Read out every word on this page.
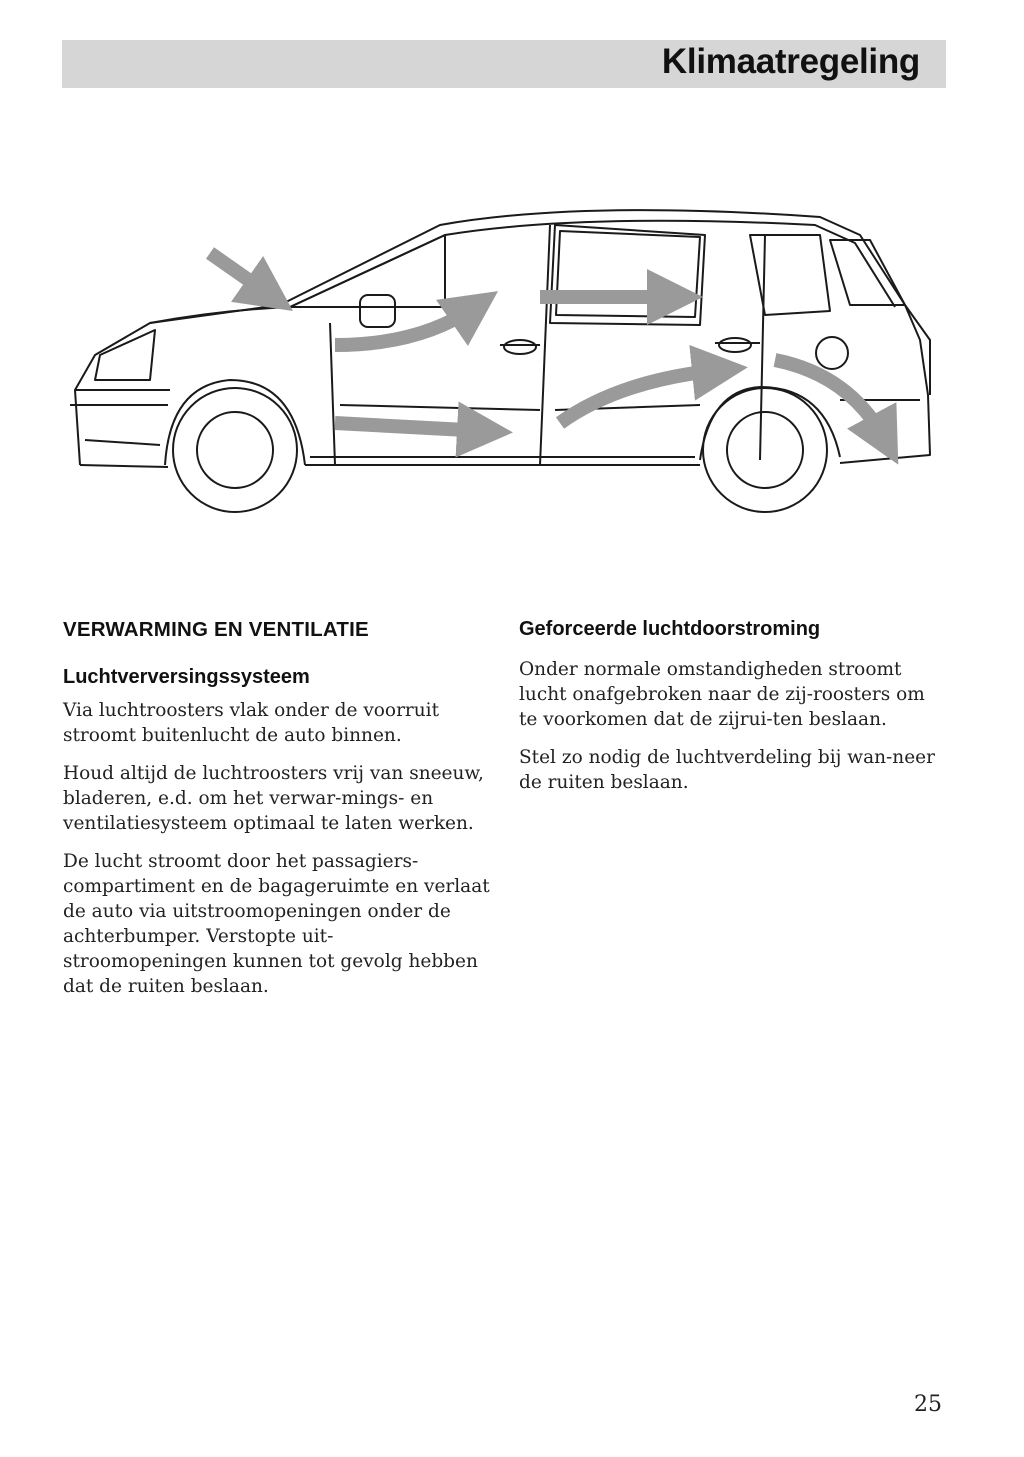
Klimaatregeling
VERWARMING EN VENTILATIE
Luchtverversingssysteem

Via luchtroosters vlak onder de voorruit stroomt buitenlucht de auto binnen.

Houd altijd de luchtroosters vrij van sneeuw, bladeren, e.d. om het verwar-mings- en ventilatiesysteem optimaal te laten werken.

De lucht stroomt door het passagiers-compartiment en de bagageruimte en verlaat de auto via uitstroomopeningen onder de achterbumper. Verstopte uit-stroomopeningen kunnen tot gevolg hebben dat de ruiten beslaan.

Geforceerde luchtdoorstroming

Onder normale omstandigheden stroomt lucht onafgebroken naar de zij-roosters om te voorkomen dat de zijrui-ten beslaan.

Stel zo nodig de luchtverdeling bij wan-neer de ruiten beslaan.

25
